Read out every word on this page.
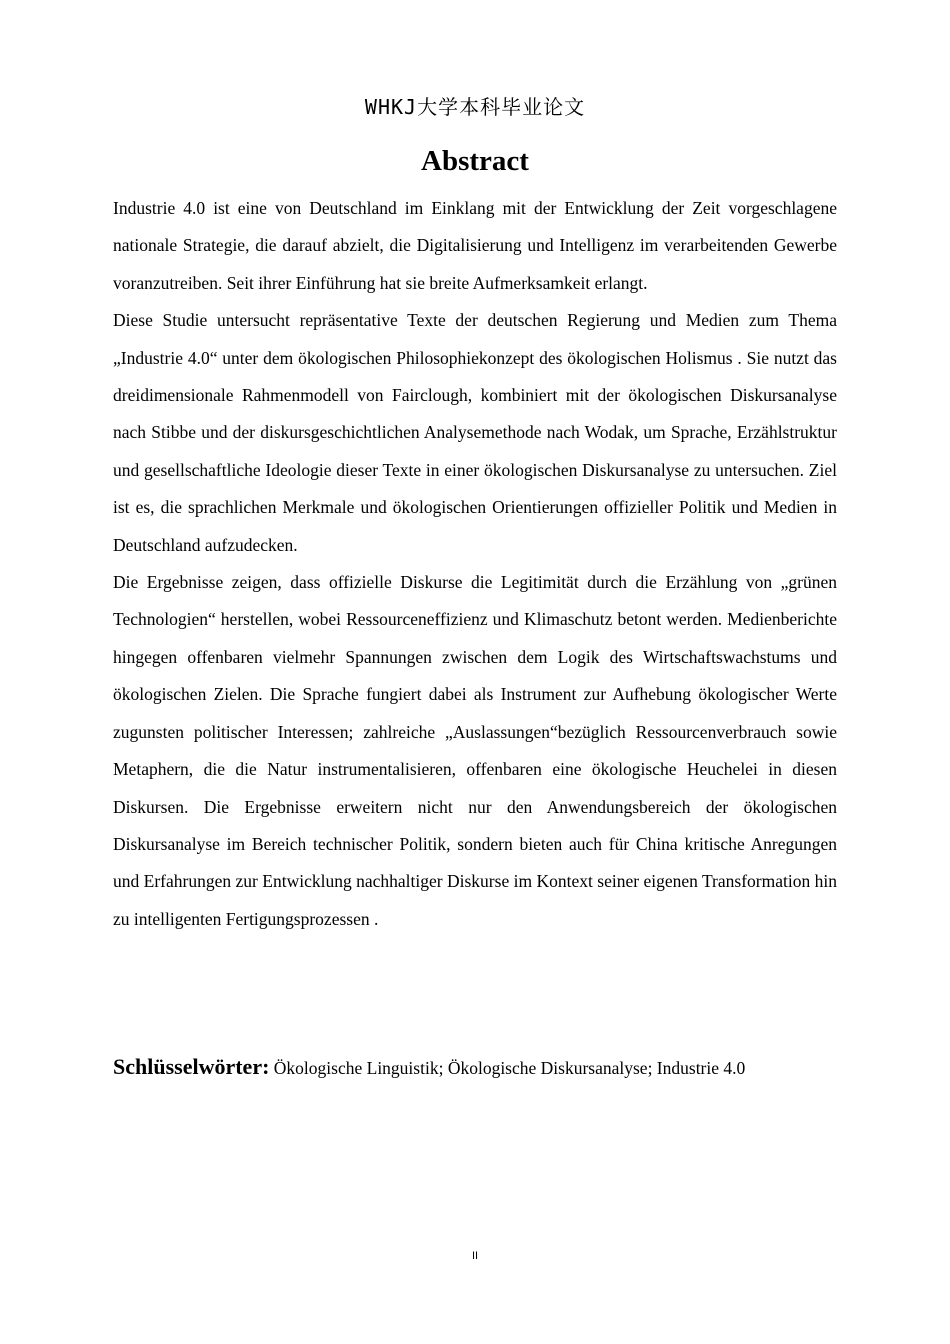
WHKJ大学本科毕业论文
Abstract

Industrie 4.0 ist eine von Deutschland im Einklang mit der Entwicklung der Zeit vorgeschlagene nationale Strategie, die darauf abzielt, die Digitalisierung und Intelligenz im verarbeitenden Gewerbe voranzutreiben. Seit ihrer Einführung hat sie breite Aufmerksamkeit erlangt.

Diese Studie untersucht repräsentative Texte der deutschen Regierung und Medien zum Thema „Industrie 4.0“ unter dem ökologischen Philosophiekonzept des ökologischen Holismus . Sie nutzt das dreidimensionale Rahmenmodell von Fairclough, kombiniert mit der ökologischen Diskursanalyse nach Stibbe und der diskursgeschichtlichen Analysemethode nach Wodak, um Sprache, Erzählstruktur und gesellschaftliche Ideologie dieser Texte in einer ökologischen Diskursanalyse zu untersuchen. Ziel ist es, die sprachlichen Merkmale und ökologischen Orientierungen offizieller Politik und Medien in Deutschland aufzudecken.

Die Ergebnisse zeigen, dass offizielle Diskurse die Legitimität durch die Erzählung von „grünen Technologien“ herstellen, wobei Ressourceneffizienz und Klimaschutz betont werden. Medienberichte hingegen offenbaren vielmehr Spannungen zwischen dem Logik des Wirtschaftswachstums und ökologischen Zielen. Die Sprache fungiert dabei als Instrument zur Aufhebung ökologischer Werte zugunsten politischer Interessen; zahlreiche „Auslassungen“bezüglich Ressourcenverbrauch sowie Metaphern, die die Natur instrumentalisieren, offenbaren eine ökologische Heuchelei in diesen Diskursen. Die Ergebnisse erweitern nicht nur den Anwendungsbereich der ökologischen Diskursanalyse im Bereich technischer Politik, sondern bieten auch für China kritische Anregungen und Erfahrungen zur Entwicklung nachhaltiger Diskurse im Kontext seiner eigenen Transformation hin zu intelligenten Fertigungsprozessen .

Schlüsselwörter: Ökologische Linguistik; Ökologische Diskursanalyse; Industrie 4.0
II
